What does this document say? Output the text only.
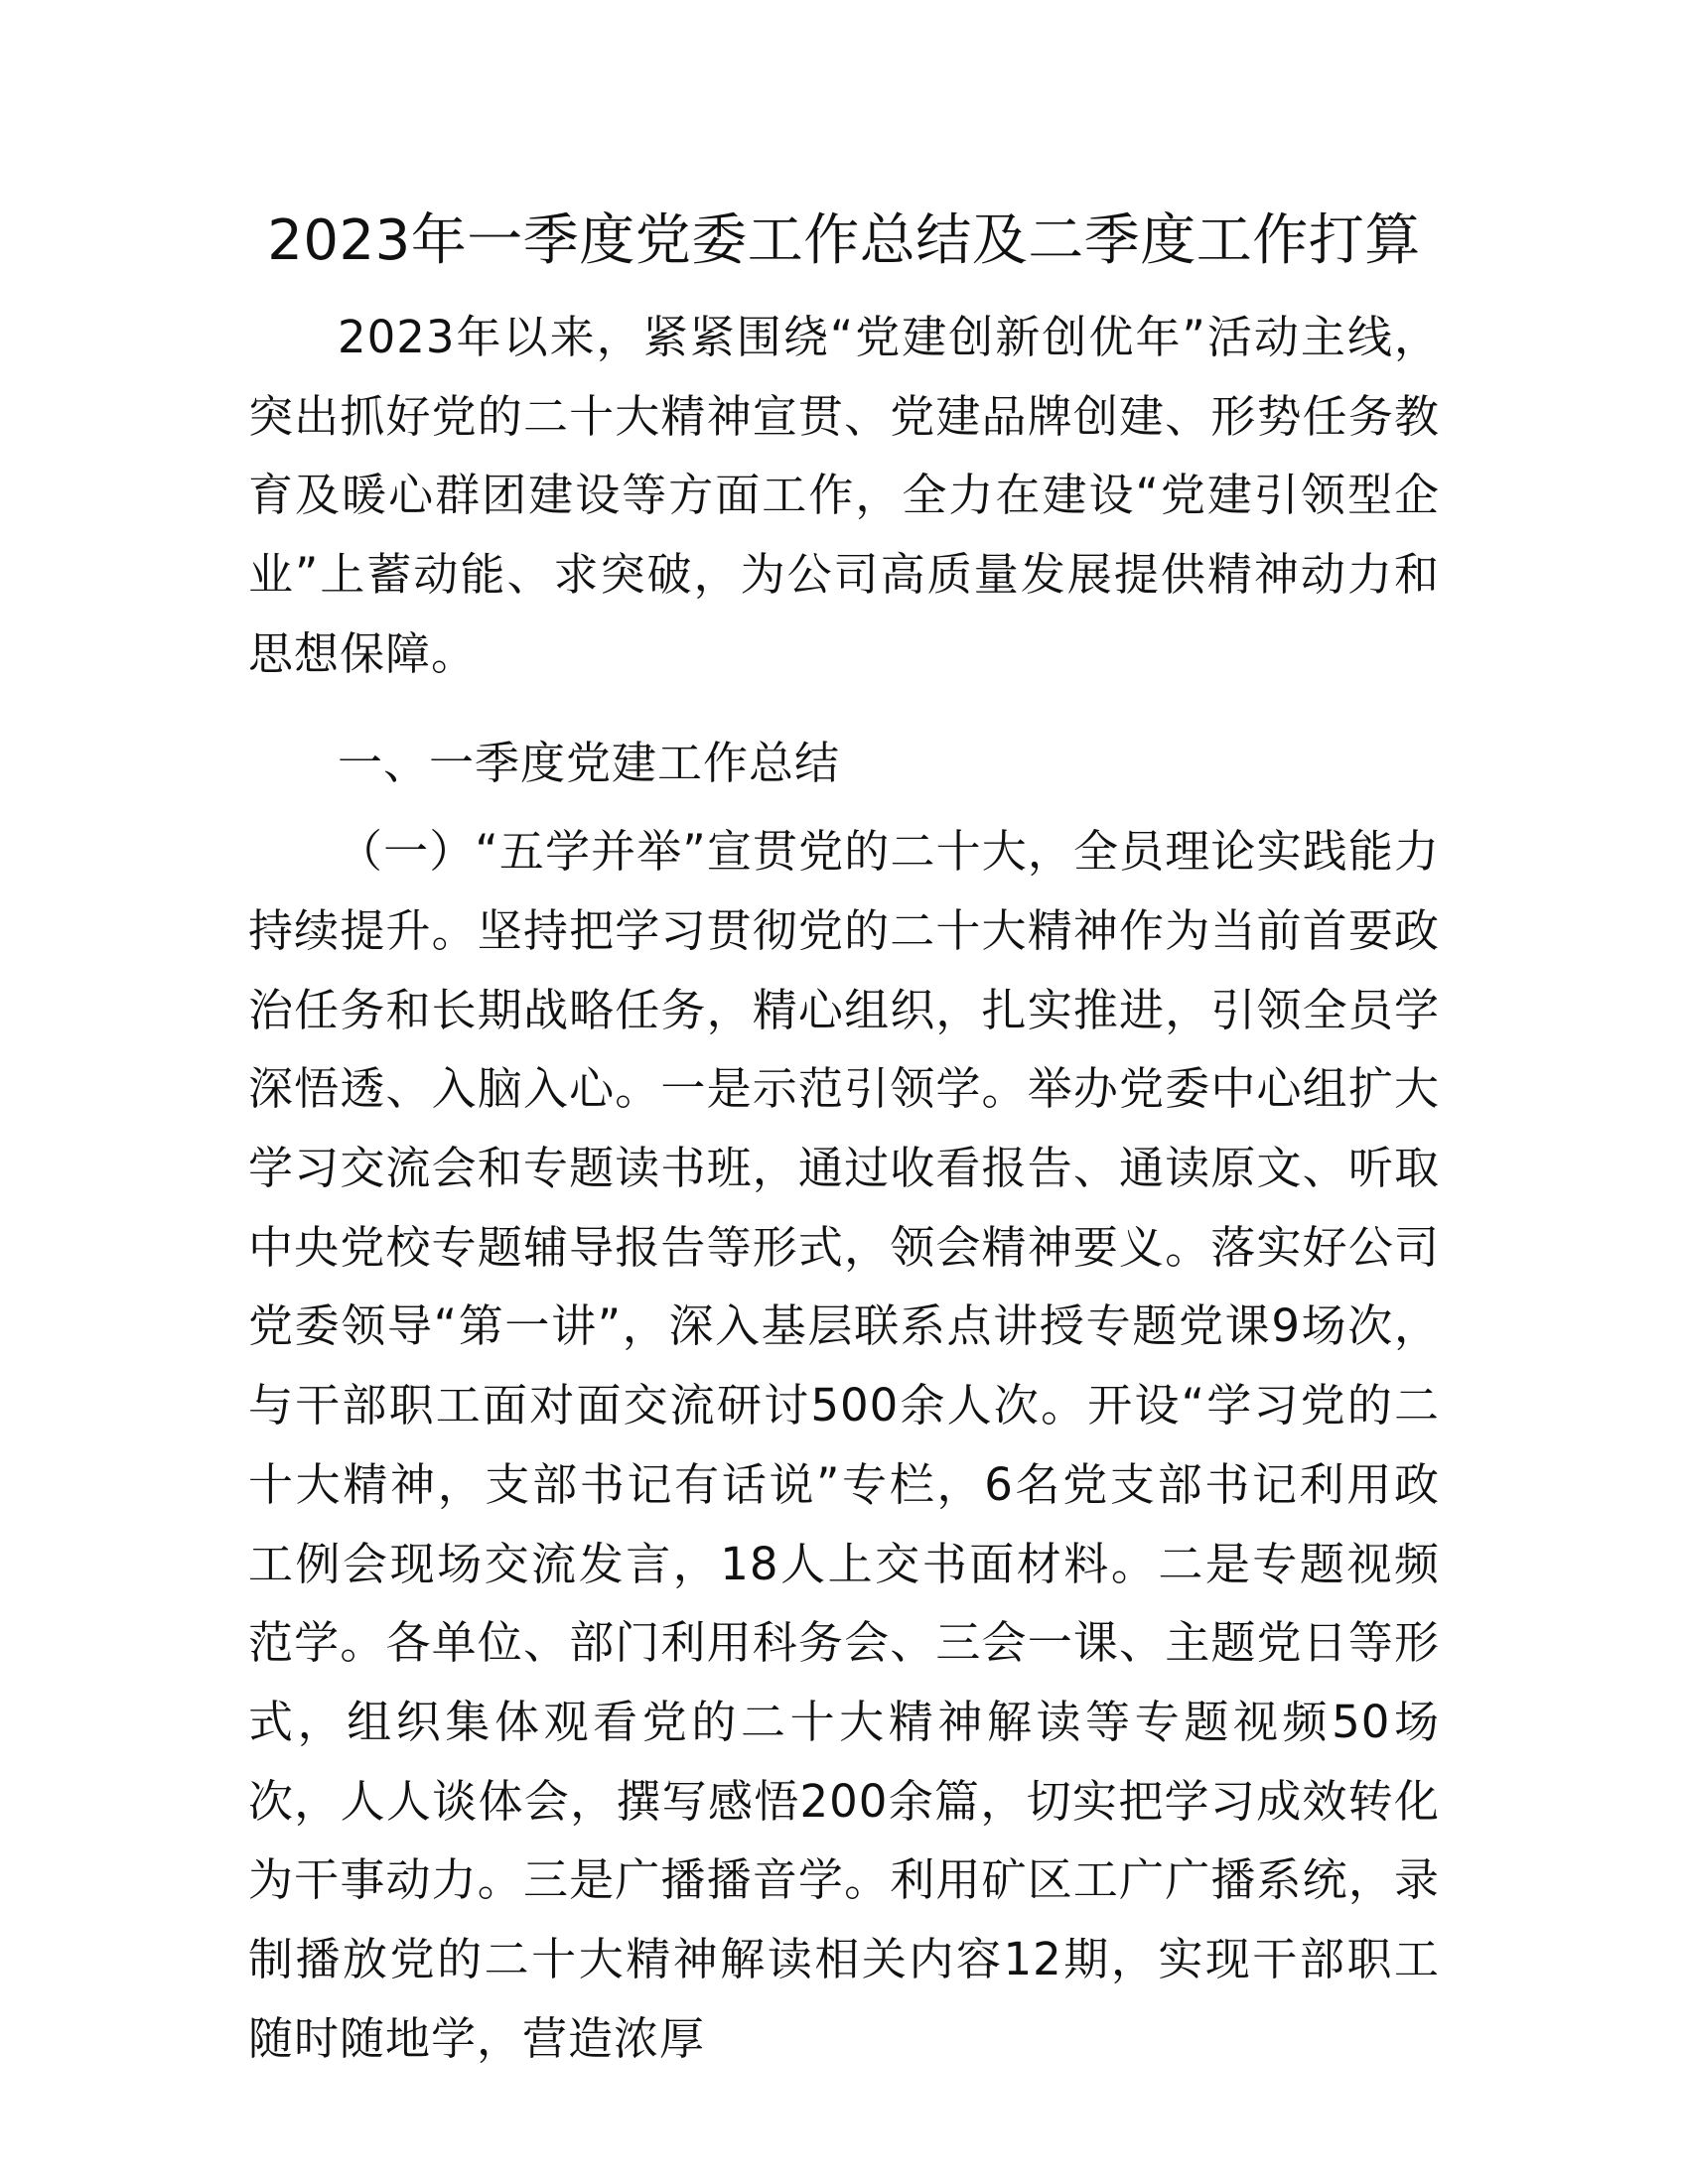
2023年一季度党委工作总结及二季度工作打算

2023年以来，紧紧围绕“党建创新创优年”活动主线，突出抓好党的二十大精神宣贯、党建品牌创建、形势任务教育及暖心群团建设等方面工作，全力在建设“党建引领型企业”上蓄动能、求突破，为公司高质量发展提供精神动力和思想保障。

一、一季度党建工作总结

（一）“五学并举”宣贯党的二十大，全员理论实践能力持续提升。坚持把学习贯彻党的二十大精神作为当前首要政治任务和长期战略任务，精心组织，扎实推进，引领全员学深悟透、入脑入心。一是示范引领学。举办党委中心组扩大学习交流会和专题读书班，通过收看报告、通读原文、听取中央党校专题辅导报告等形式，领会精神要义。落实好公司党委领导“第一讲”，深入基层联系点讲授专题党课9场次，与干部职工面对面交流研讨500余人次。开设“学习党的二十大精神，支部书记有话说”专栏，6名党支部书记利用政工例会现场交流发言，18人上交书面材料。二是专题视频范学。各单位、部门利用科务会、三会一课、主题党日等形式，组织集体观看党的二十大精神解读等专题视频50场次，人人谈体会，撰写感悟200余篇，切实把学习成效转化为干事动力。三是广播播音学。利用矿区工广广播系统，录制播放党的二十大精神解读相关内容12期，实现干部职工随时随地学，营造浓厚
